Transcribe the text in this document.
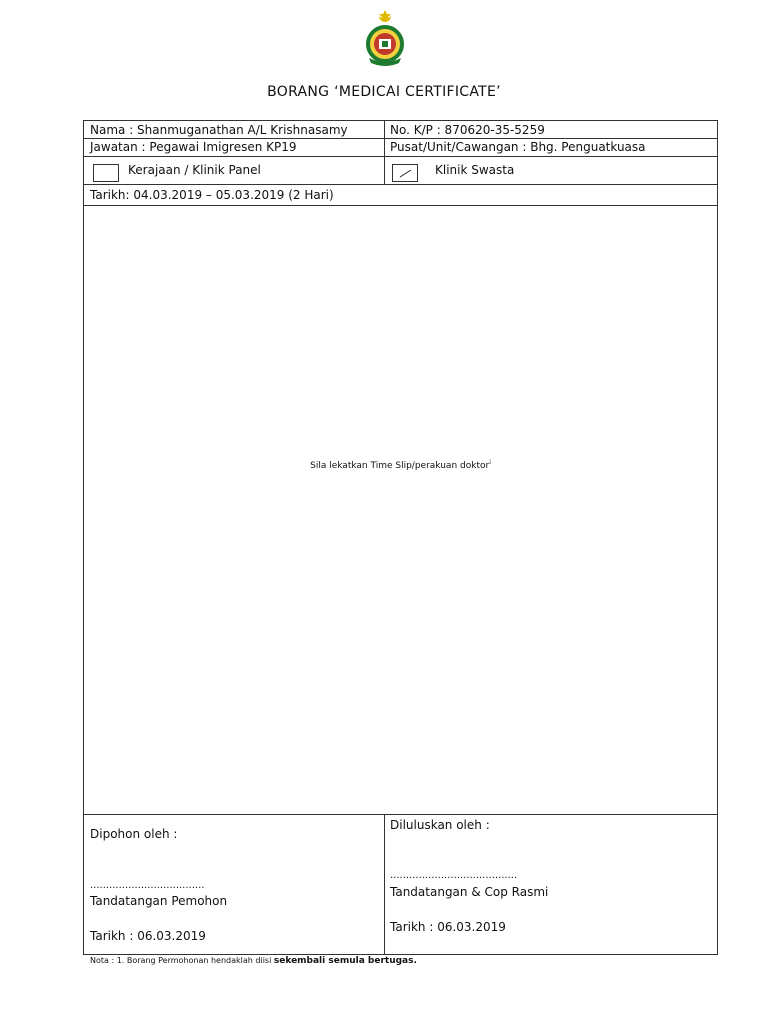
BORANG ‘MEDICAI CERTIFICATE’
Nama : Shanmuganathan A/L Krishnasamy	No. K/P : 870620-35-5259
Jawatan : Pegawai Imigresen KP19	Pusat/Unit/Cawangan : Bhg. Penguatkuasa
Kerajaan / Klinik Panel	Klinik Swasta
Tarikh: 04.03.2019 – 05.03.2019 (2 Hari)
Sila lekatkan Time Slip/perakuan doktor$^i$
Dipohon oleh :
....................................
Tandatangan Pemohon
Tarikh : 06.03.2019
Diluluskan oleh :
........................................
Tandatangan & Cop Rasmi
Tarikh : 06.03.2019
Nota : 1. Borang Permohonan hendaklah diisi sekembali semula bertugas.
